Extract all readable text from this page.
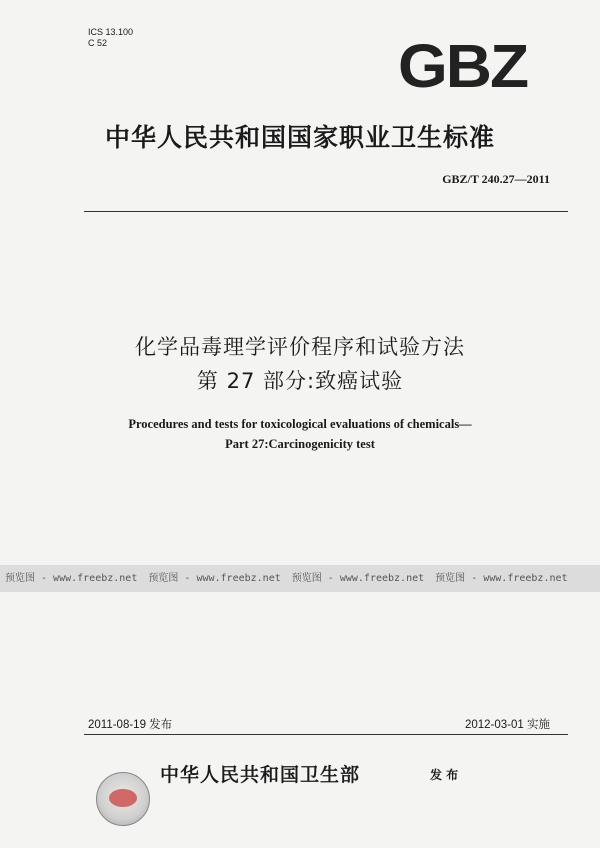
ICS 13.100
C 52	GBZ
中华人民共和国国家职业卫生标准
GBZ/T 240.27—2011
化学品毒理学评价程序和试验方法
第 27 部分:致癌试验
Procedures and tests for toxicological evaluations of chemicals—
Part 27:Carcinogenicity test
预览图 - www.freebz.net 预览图 - www.freebz.net 预览图 - www.freebz.net 预览图 - www.freebz.net
2011-08-19 发布	2012-03-01 实施
中华人民共和国卫生部	发 布
